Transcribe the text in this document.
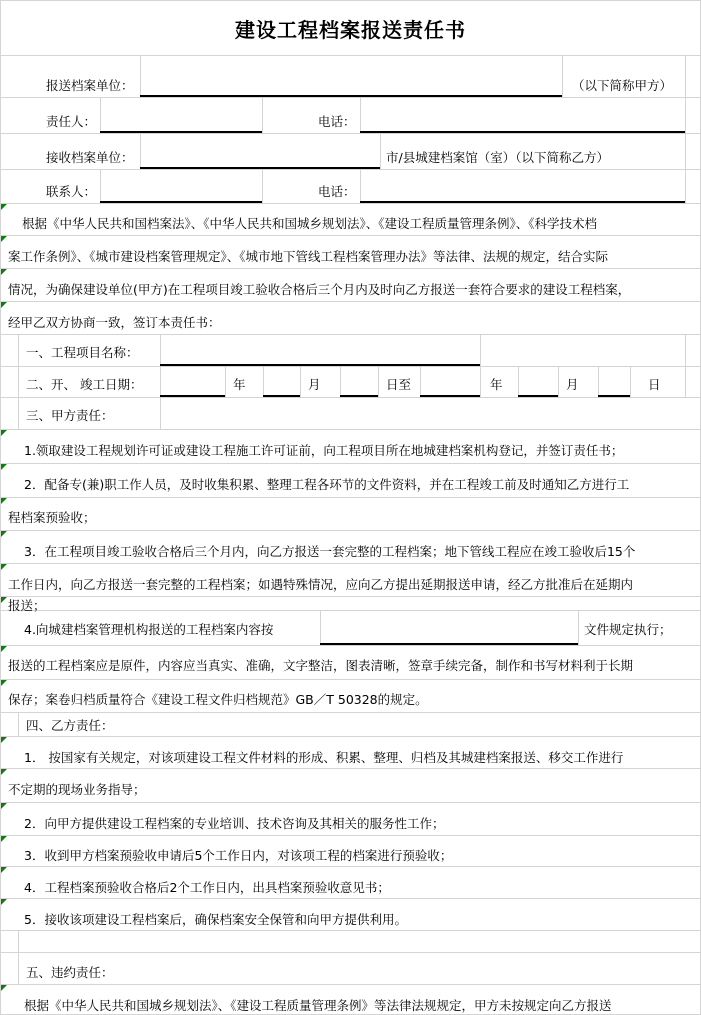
建设工程档案报送责任书
报送档案单位：	（以下简称甲方）
责任人：	电话：
接收档案单位：	市/县城建档案馆（室）（以下简称乙方）
联系人：	电话：
根据《中华人民共和国档案法》、《中华人民共和国城乡规划法》、《建设工程质量管理条例》、《科学技术档
案工作条例》、《城市建设档案管理规定》、《城市地下管线工程档案管理办法》等法律、法规的规定，结合实际
情况，为确保建设单位(甲方)在工程项目竣工验收合格后三个月内及时向乙方报送一套符合要求的建设工程档案，
经甲乙双方协商一致，签订本责任书：
一、工程项目名称：
二、开、 竣工日期：	年	月	日至	年	月	日
三、甲方责任：
1.领取建设工程规划许可证或建设工程施工许可证前，向工程项目所在地城建档案机构登记，并签订责任书；
2．配备专(兼)职工作人员，及时收集积累、整理工程各环节的文件资料，并在工程竣工前及时通知乙方进行工
程档案预验收；
3．在工程项目竣工验收合格后三个月内，向乙方报送一套完整的工程档案；地下管线工程应在竣工验收后15个
工作日内，向乙方报送一套完整的工程档案；如遇特殊情况，应向乙方提出延期报送申请，经乙方批准后在延期内
报送；
4.向城建档案管理机构报送的工程档案内容按	文件规定执行；
报送的工程档案应是原件，内容应当真实、准确，文字整洁，图表清晰，签章手续完备，制作和书写材料利于长期
保存；案卷归档质量符合《建设工程文件归档规范》GB／T 50328的规定。
四、乙方责任：
1． 按国家有关规定，对该项建设工程文件材料的形成、积累、整理、归档及其城建档案报送、移交工作进行
不定期的现场业务指导；
2．向甲方提供建设工程档案的专业培训、技术咨询及其相关的服务性工作；
3．收到甲方档案预验收申请后5个工作日内，对该项工程的档案进行预验收；
4．工程档案预验收合格后2个工作日内，出具档案预验收意见书；
5．接收该项建设工程档案后，确保档案安全保管和向甲方提供利用。
五、违约责任：
根据《中华人民共和国城乡规划法》、《建设工程质量管理条例》等法律法规规定，甲方未按规定向乙方报送
